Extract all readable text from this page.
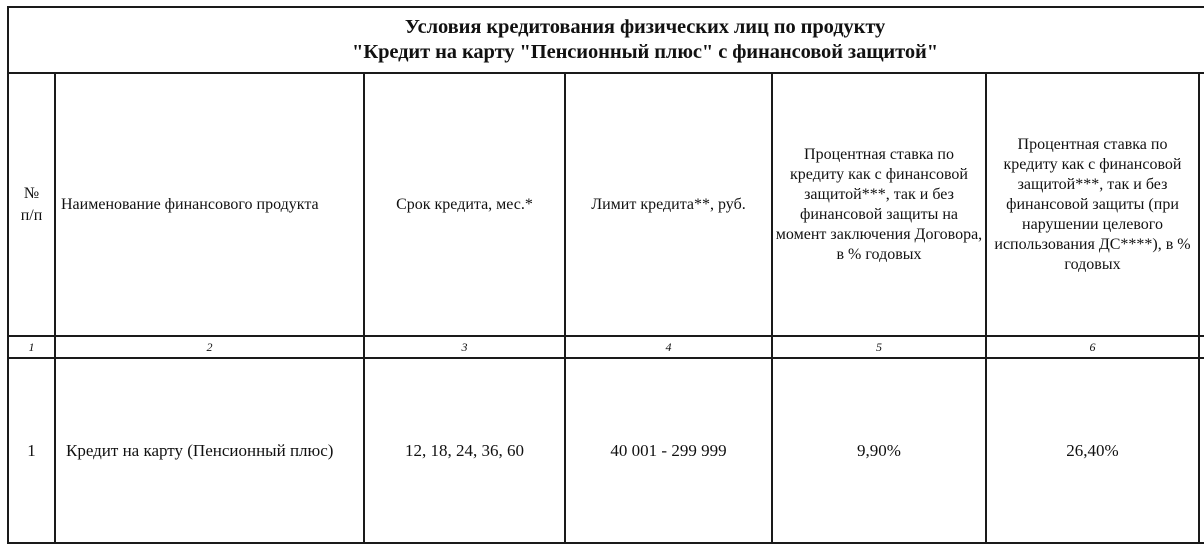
Условия кредитования физических лиц по продукту
"Кредит на карту "Пенсионный плюс" с финансовой защитой"						

№
п/п	Наименование финансового продукта	Срок кредита, мес.*	Лимит кредита**, руб.	Процентная ставка по кредиту как с финансовой защитой***, так и без финансовой защиты на момент заключения Договора, в % годовых	Процентная ставка по кредиту как с финансовой защитой***, так и без финансовой защиты (при нарушении целевого использования ДС****), в % годовых	

1	2	3	4	5	6	
1	Кредит на карту (Пенсионный плюс)	12, 18, 24, 36, 60	40 001 - 299 999	9,90%	26,40%	
